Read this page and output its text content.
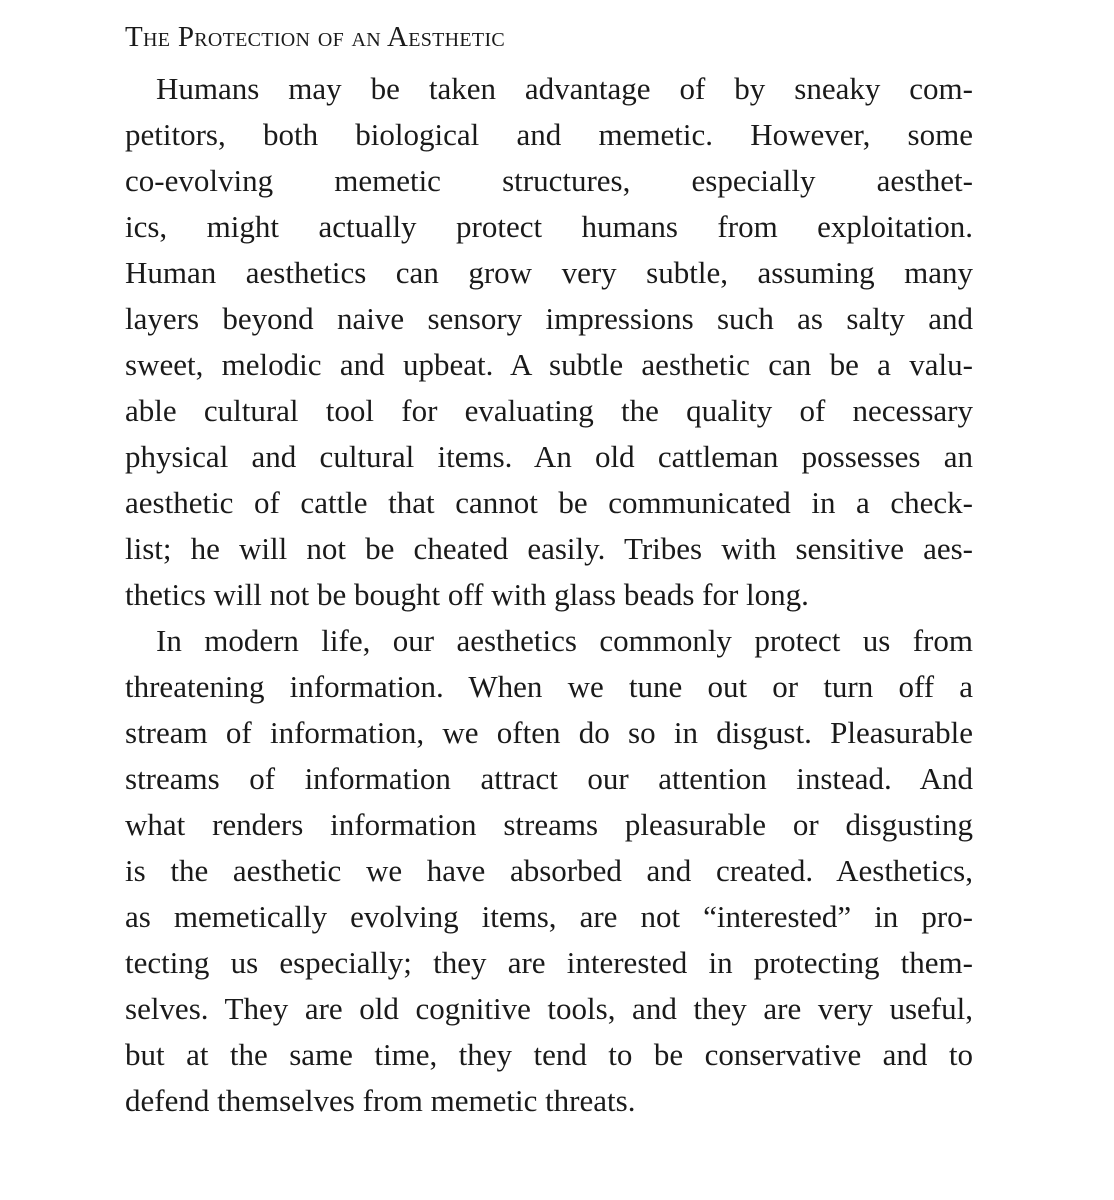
The Protection of an Aesthetic
Humans may be taken advantage of by sneaky com-
petitors, both biological and memetic. However, some
co-evolving memetic structures, especially aesthet-
ics, might actually protect humans from exploitation.
Human aesthetics can grow very subtle, assuming many
layers beyond naive sensory impressions such as salty and
sweet, melodic and upbeat. A subtle aesthetic can be a valu-
able cultural tool for evaluating the quality of necessary
physical and cultural items. An old cattleman possesses an
aesthetic of cattle that cannot be communicated in a check-
list; he will not be cheated easily. Tribes with sensitive aes-
thetics will not be bought off with glass beads for long.
In modern life, our aesthetics commonly protect us from
threatening information. When we tune out or turn off a
stream of information, we often do so in disgust. Pleasurable
streams of information attract our attention instead. And
what renders information streams pleasurable or disgusting
is the aesthetic we have absorbed and created. Aesthetics,
as memetically evolving items, are not “interested” in pro-
tecting us especially; they are interested in protecting them-
selves. They are old cognitive tools, and they are very useful,
but at the same time, they tend to be conservative and to
defend themselves from memetic threats.
